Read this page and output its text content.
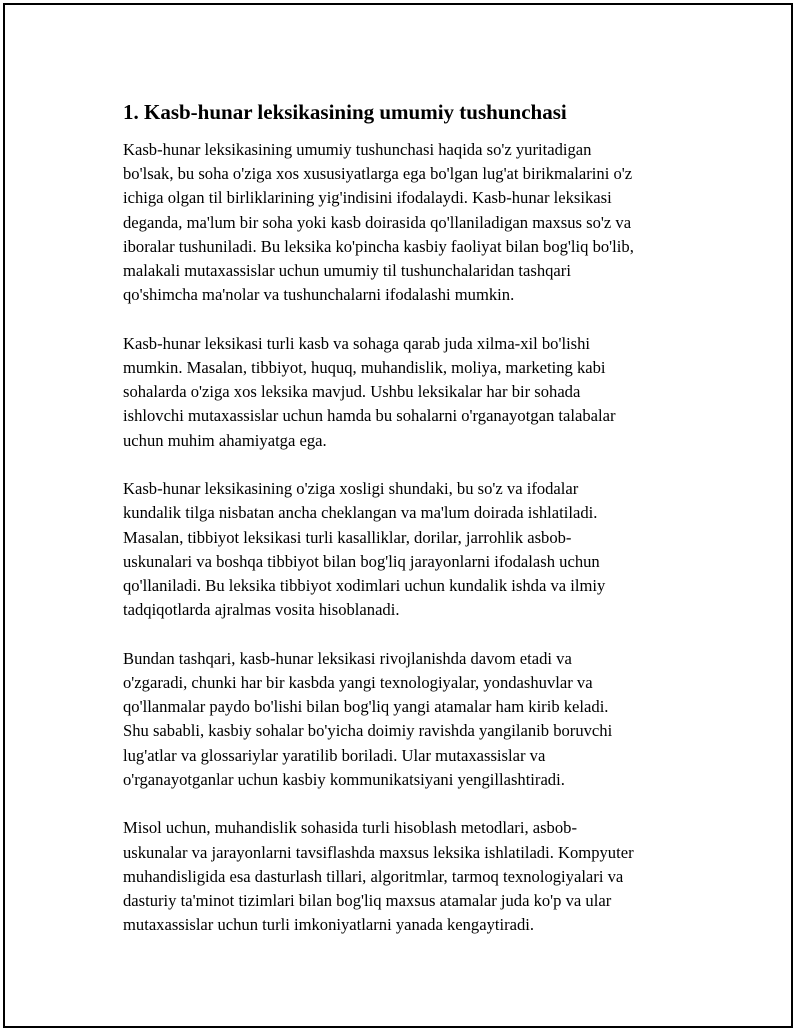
1. Kasb-hunar leksikasining umumiy tushunchasi

Kasb-hunar leksikasining umumiy tushunchasi haqida so'z yuritadigan
bo'lsak, bu soha o'ziga xos xususiyatlarga ega bo'lgan lug'at birikmalarini o'z
ichiga olgan til birliklarining yig'indisini ifodalaydi. Kasb-hunar leksikasi
deganda, ma'lum bir soha yoki kasb doirasida qo'llaniladigan maxsus so'z va
iboralar tushuniladi. Bu leksika ko'pincha kasbiy faoliyat bilan bog'liq bo'lib,
malakali mutaxassislar uchun umumiy til tushunchalaridan tashqari
qo'shimcha ma'nolar va tushunchalarni ifodalashi mumkin.

Kasb-hunar leksikasi turli kasb va sohaga qarab juda xilma-xil bo'lishi
mumkin. Masalan, tibbiyot, huquq, muhandislik, moliya, marketing kabi
sohalarda o'ziga xos leksika mavjud. Ushbu leksikalar har bir sohada
ishlovchi mutaxassislar uchun hamda bu sohalarni o'rganayotgan talabalar
uchun muhim ahamiyatga ega.

Kasb-hunar leksikasining o'ziga xosligi shundaki, bu so'z va ifodalar
kundalik tilga nisbatan ancha cheklangan va ma'lum doirada ishlatiladi.
Masalan, tibbiyot leksikasi turli kasalliklar, dorilar, jarrohlik asbob-
uskunalari va boshqa tibbiyot bilan bog'liq jarayonlarni ifodalash uchun
qo'llaniladi. Bu leksika tibbiyot xodimlari uchun kundalik ishda va ilmiy
tadqiqotlarda ajralmas vosita hisoblanadi.

Bundan tashqari, kasb-hunar leksikasi rivojlanishda davom etadi va
o'zgaradi, chunki har bir kasbda yangi texnologiyalar, yondashuvlar va
qo'llanmalar paydo bo'lishi bilan bog'liq yangi atamalar ham kirib keladi.
Shu sababli, kasbiy sohalar bo'yicha doimiy ravishda yangilanib boruvchi
lug'atlar va glossariylar yaratilib boriladi. Ular mutaxassislar va
o'rganayotganlar uchun kasbiy kommunikatsiyani yengillashtiradi.

Misol uchun, muhandislik sohasida turli hisoblash metodlari, asbob-
uskunalar va jarayonlarni tavsiflashda maxsus leksika ishlatiladi. Kompyuter
muhandisligida esa dasturlash tillari, algoritmlar, tarmoq texnologiyalari va
dasturiy ta'minot tizimlari bilan bog'liq maxsus atamalar juda ko'p va ular
mutaxassislar uchun turli imkoniyatlarni yanada kengaytiradi.
